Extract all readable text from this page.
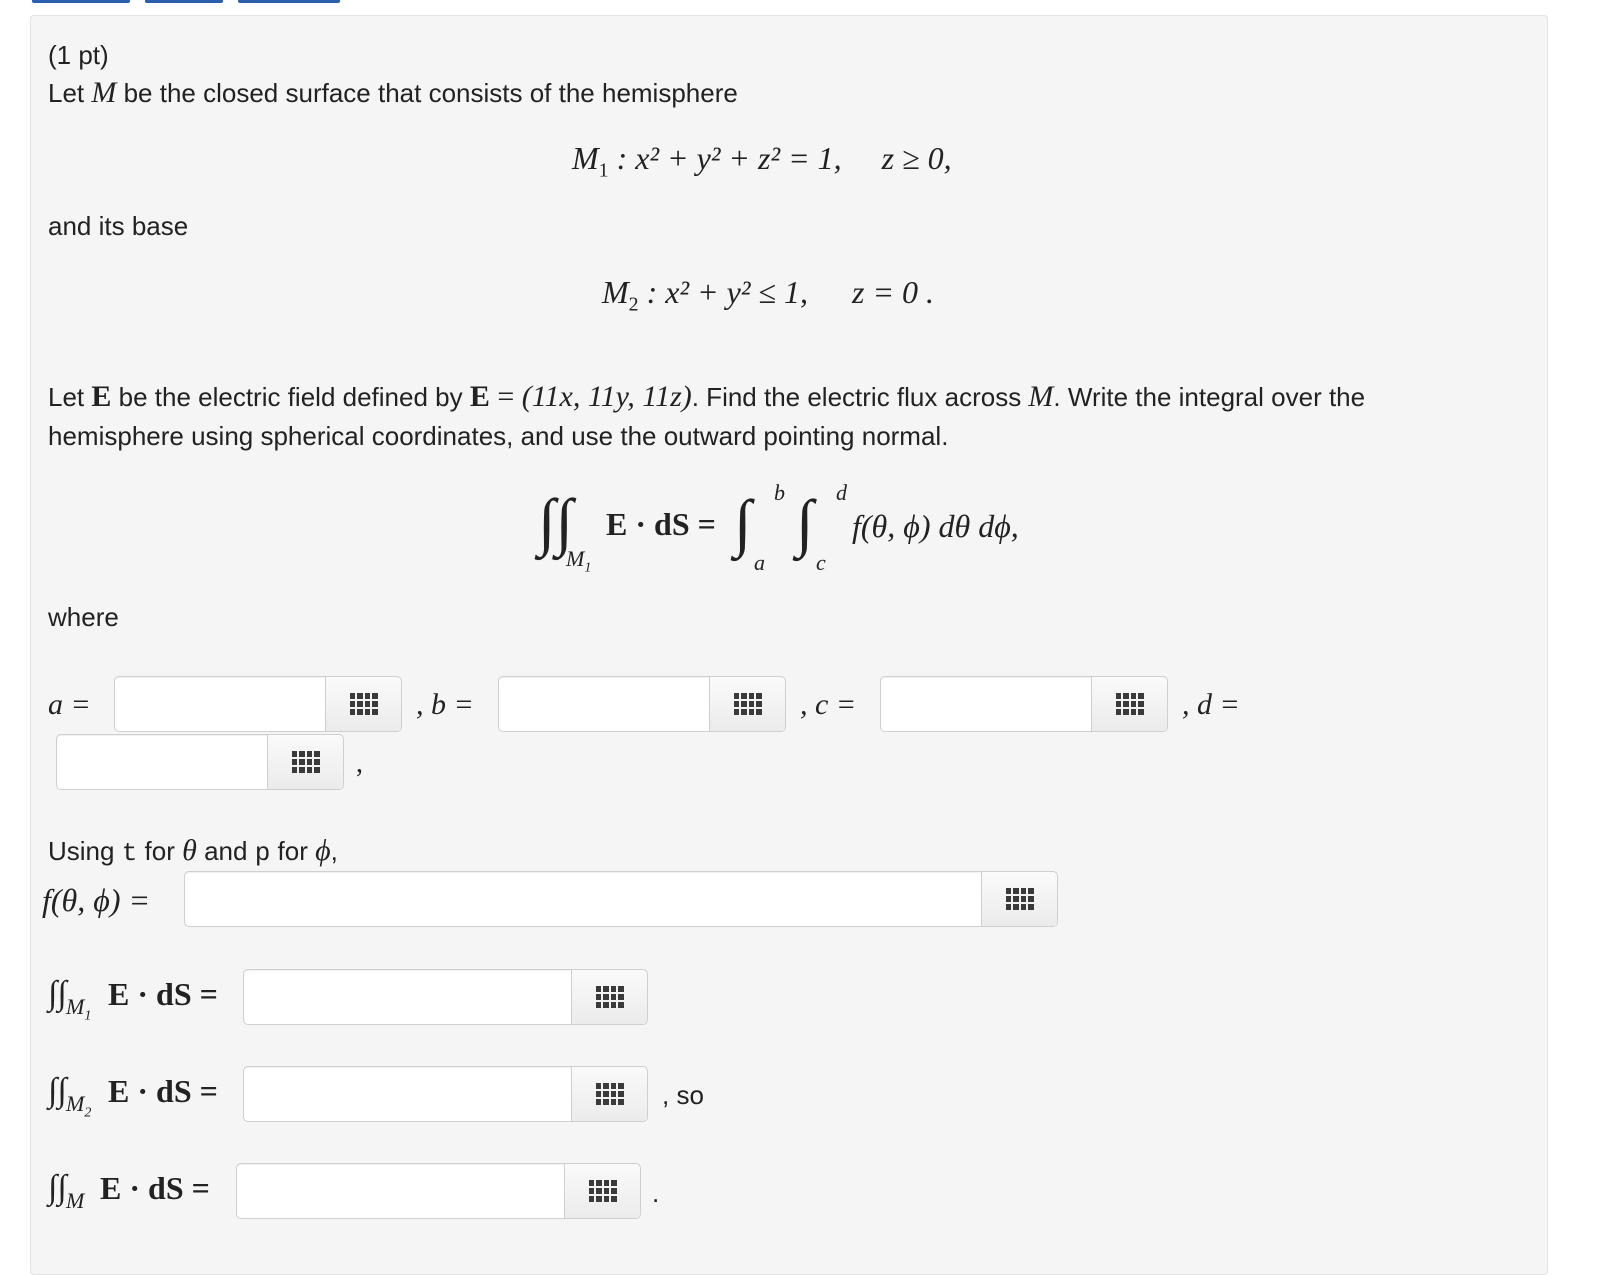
(1 pt)
Let M be the closed surface that consists of the hemisphere
$M_1$ : x² + y² + z² = 1, z ≥ 0,
and its base
$M_2$ : x² + y² ≤ 1, z = 0 .
Let E be the electric field defined by E = (11x, 11y, 11z). Find the electric flux across M. Write the integral over the
hemisphere using spherical coordinates, and use the outward pointing normal.
∫∫
$M_1$
E · dS = ∫ b
a
∫ d
c
f(θ, ϕ) dθ dϕ,
where
a =	, b =	, c =	, d =
,
Using t for θ and p for ϕ,
f(θ, ϕ) =
∫∫ $M_1$
E · dS =
∫∫ $M_2$
E · dS =	, so
∫∫ M E · dS =	.
